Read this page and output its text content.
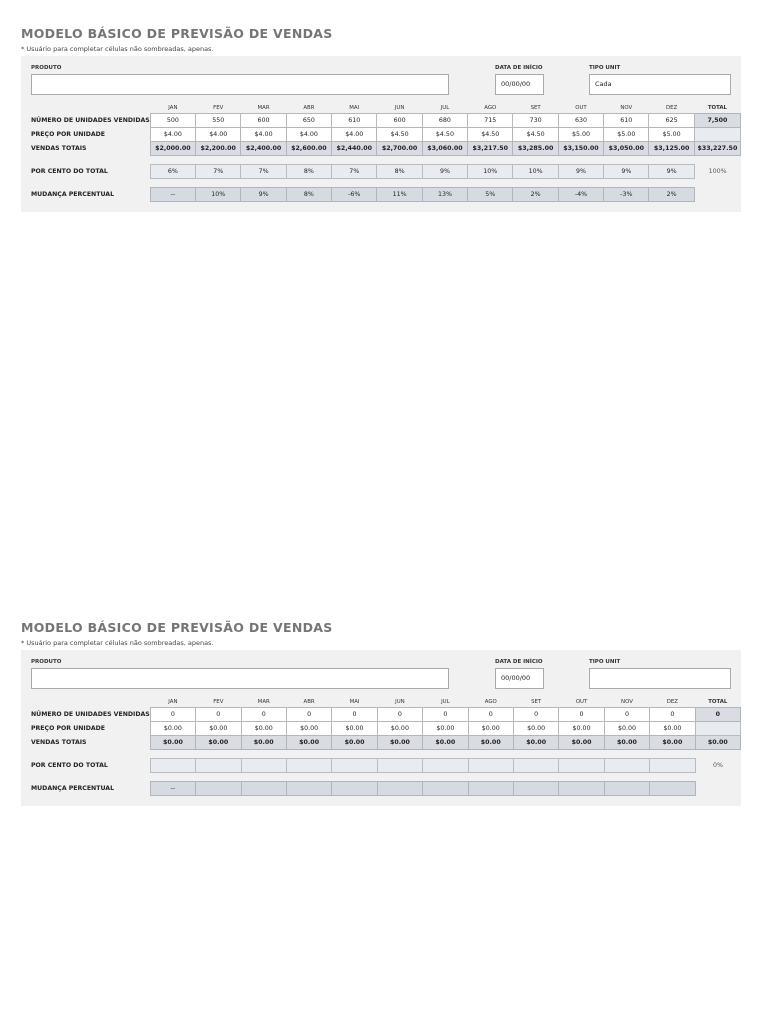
MODELO BÁSICO DE PREVISÃO DE VENDAS
* Usuário para completar células não sombreadas, apenas.
PRODUTO	DATA DE INÍCIO
00/00/00
TIPO UNIT
Cada
	JAN	FEV	MAR	ABR	MAI	JUN	JUL	AGO	SET	OUT	NOV	DEZ	TOTAL
NÚMERO DE UNIDADES VENDIDAS	500	550	600	650	610	600	680	715	730	630	610	625	7,500
PREÇO POR UNIDADE	$4.00	$4.00	$4.00	$4.00	$4.00	$4.50	$4.50	$4.50	$4.50	$5.00	$5.00	$5.00	
VENDAS TOTAIS	$2,000.00	$2,200.00	$2,400.00	$2,600.00	$2,440.00	$2,700.00	$3,060.00	$3,217.50	$3,285.00	$3,150.00	$3,050.00	$3,125.00	$33,227.50

POR CENTO DO TOTAL	6%	7%	7%	8%	7%	8%	9%	10%	10%	9%	9%	9%	100%

MUDANÇA PERCENTUAL	--	10%	9%	8%	-6%	11%	13%	5%	2%	-4%	-3%	2%	
MODELO BÁSICO DE PREVISÃO DE VENDAS
* Usuário para completar células não sombreadas, apenas.
PRODUTO	DATA DE INÍCIO
00/00/00
TIPO UNIT
	JAN	FEV	MAR	ABR	MAI	JUN	JUL	AGO	SET	OUT	NOV	DEZ	TOTAL
NÚMERO DE UNIDADES VENDIDAS	0	0	0	0	0	0	0	0	0	0	0	0	0
PREÇO POR UNIDADE	$0.00	$0.00	$0.00	$0.00	$0.00	$0.00	$0.00	$0.00	$0.00	$0.00	$0.00	$0.00	
VENDAS TOTAIS	$0.00	$0.00	$0.00	$0.00	$0.00	$0.00	$0.00	$0.00	$0.00	$0.00	$0.00	$0.00	$0.00

POR CENTO DO TOTAL													0%

MUDANÇA PERCENTUAL	--												
